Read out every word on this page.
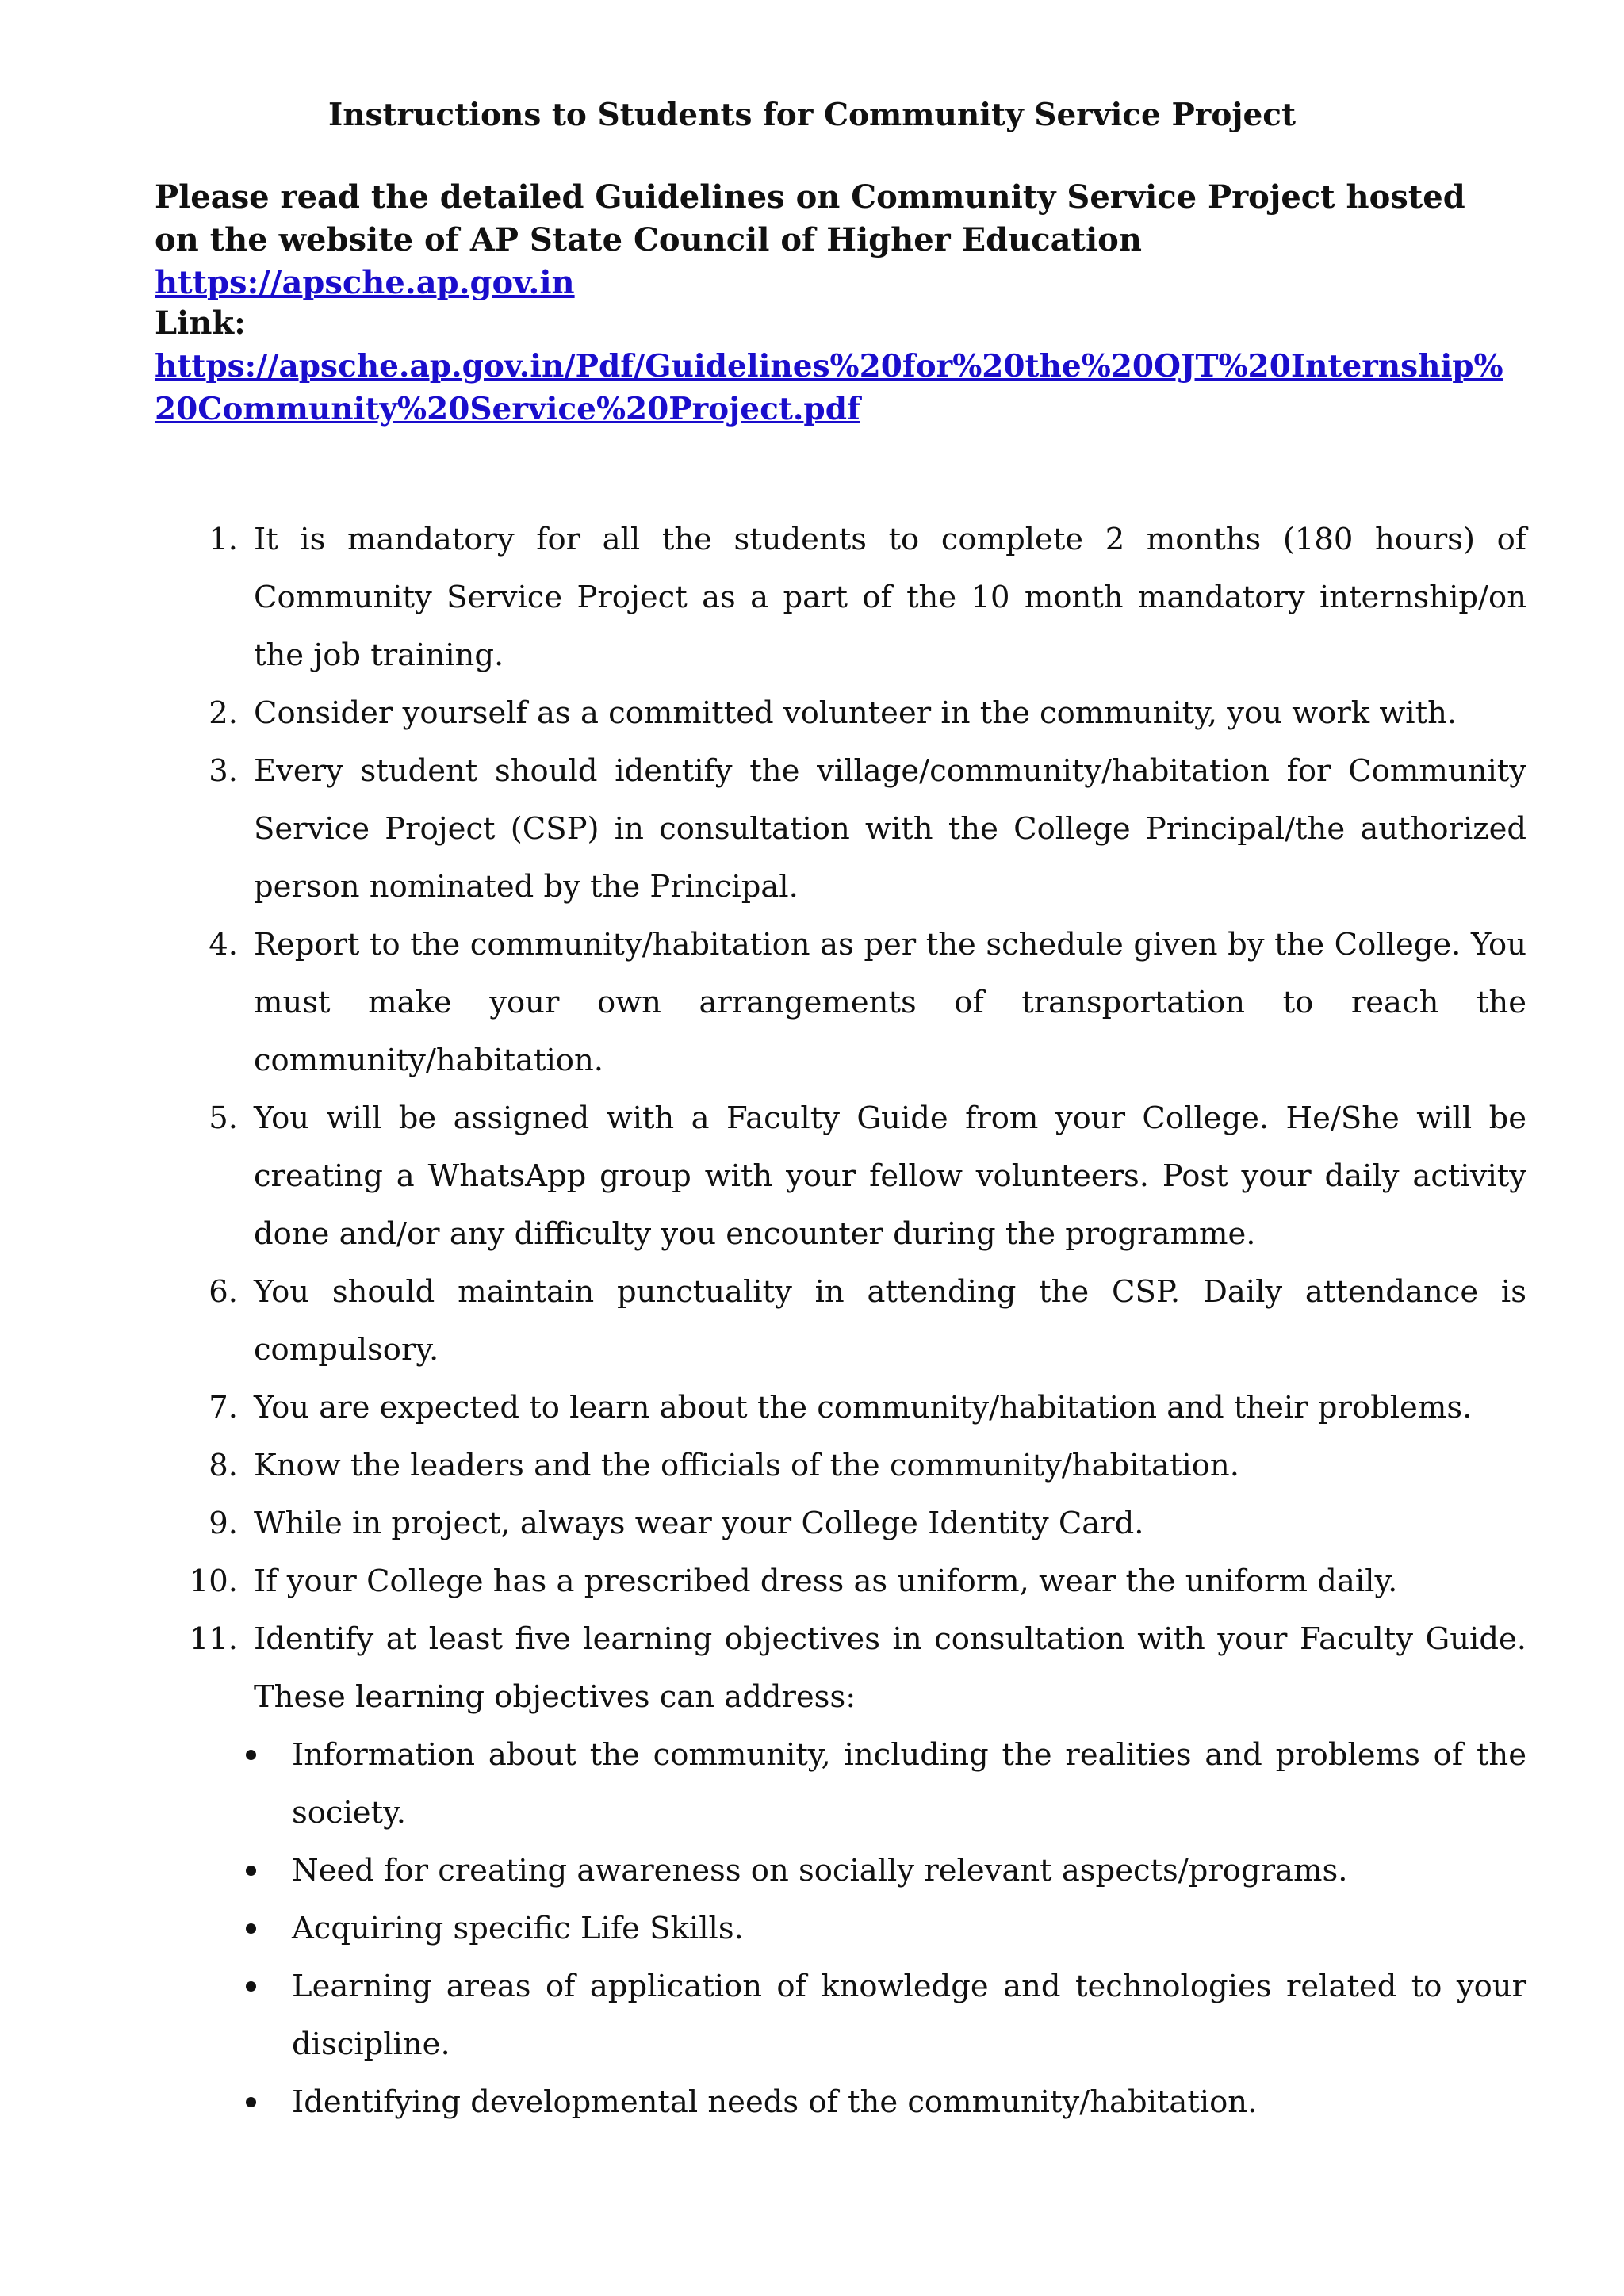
Instructions to Students for Community Service Project
Please read the detailed Guidelines on Community Service Project hosted on the website of AP State Council of Higher Education https://apsche.ap.gov.in
Link:
https://apsche.ap.gov.in/Pdf/Guidelines%20for%20the%20OJT%20Internship%20Community%20Service%20Project.pdf
1. It is mandatory for all the students to complete 2 months (180 hours) of Community Service Project as a part of the 10 month mandatory internship/on the job training.
2. Consider yourself as a committed volunteer in the community, you work with.
3. Every student should identify the village/community/habitation for Community Service Project (CSP) in consultation with the College Principal/the authorized person nominated by the Principal.
4. Report to the community/habitation as per the schedule given by the College. You must make your own arrangements of transportation to reach the community/habitation.
5. You will be assigned with a Faculty Guide from your College. He/She will be creating a WhatsApp group with your fellow volunteers. Post your daily activity done and/or any difficulty you encounter during the programme.
6. You should maintain punctuality in attending the CSP. Daily attendance is compulsory.
7. You are expected to learn about the community/habitation and their problems.
8. Know the leaders and the officials of the community/habitation.
9. While in project, always wear your College Identity Card.
10. If your College has a prescribed dress as uniform, wear the uniform daily.
11. Identify at least five learning objectives in consultation with your Faculty Guide. These learning objectives can address:
Information about the community, including the realities and problems of the society.
Need for creating awareness on socially relevant aspects/programs.
Acquiring specific Life Skills.
Learning areas of application of knowledge and technologies related to your discipline.
Identifying developmental needs of the community/habitation.
